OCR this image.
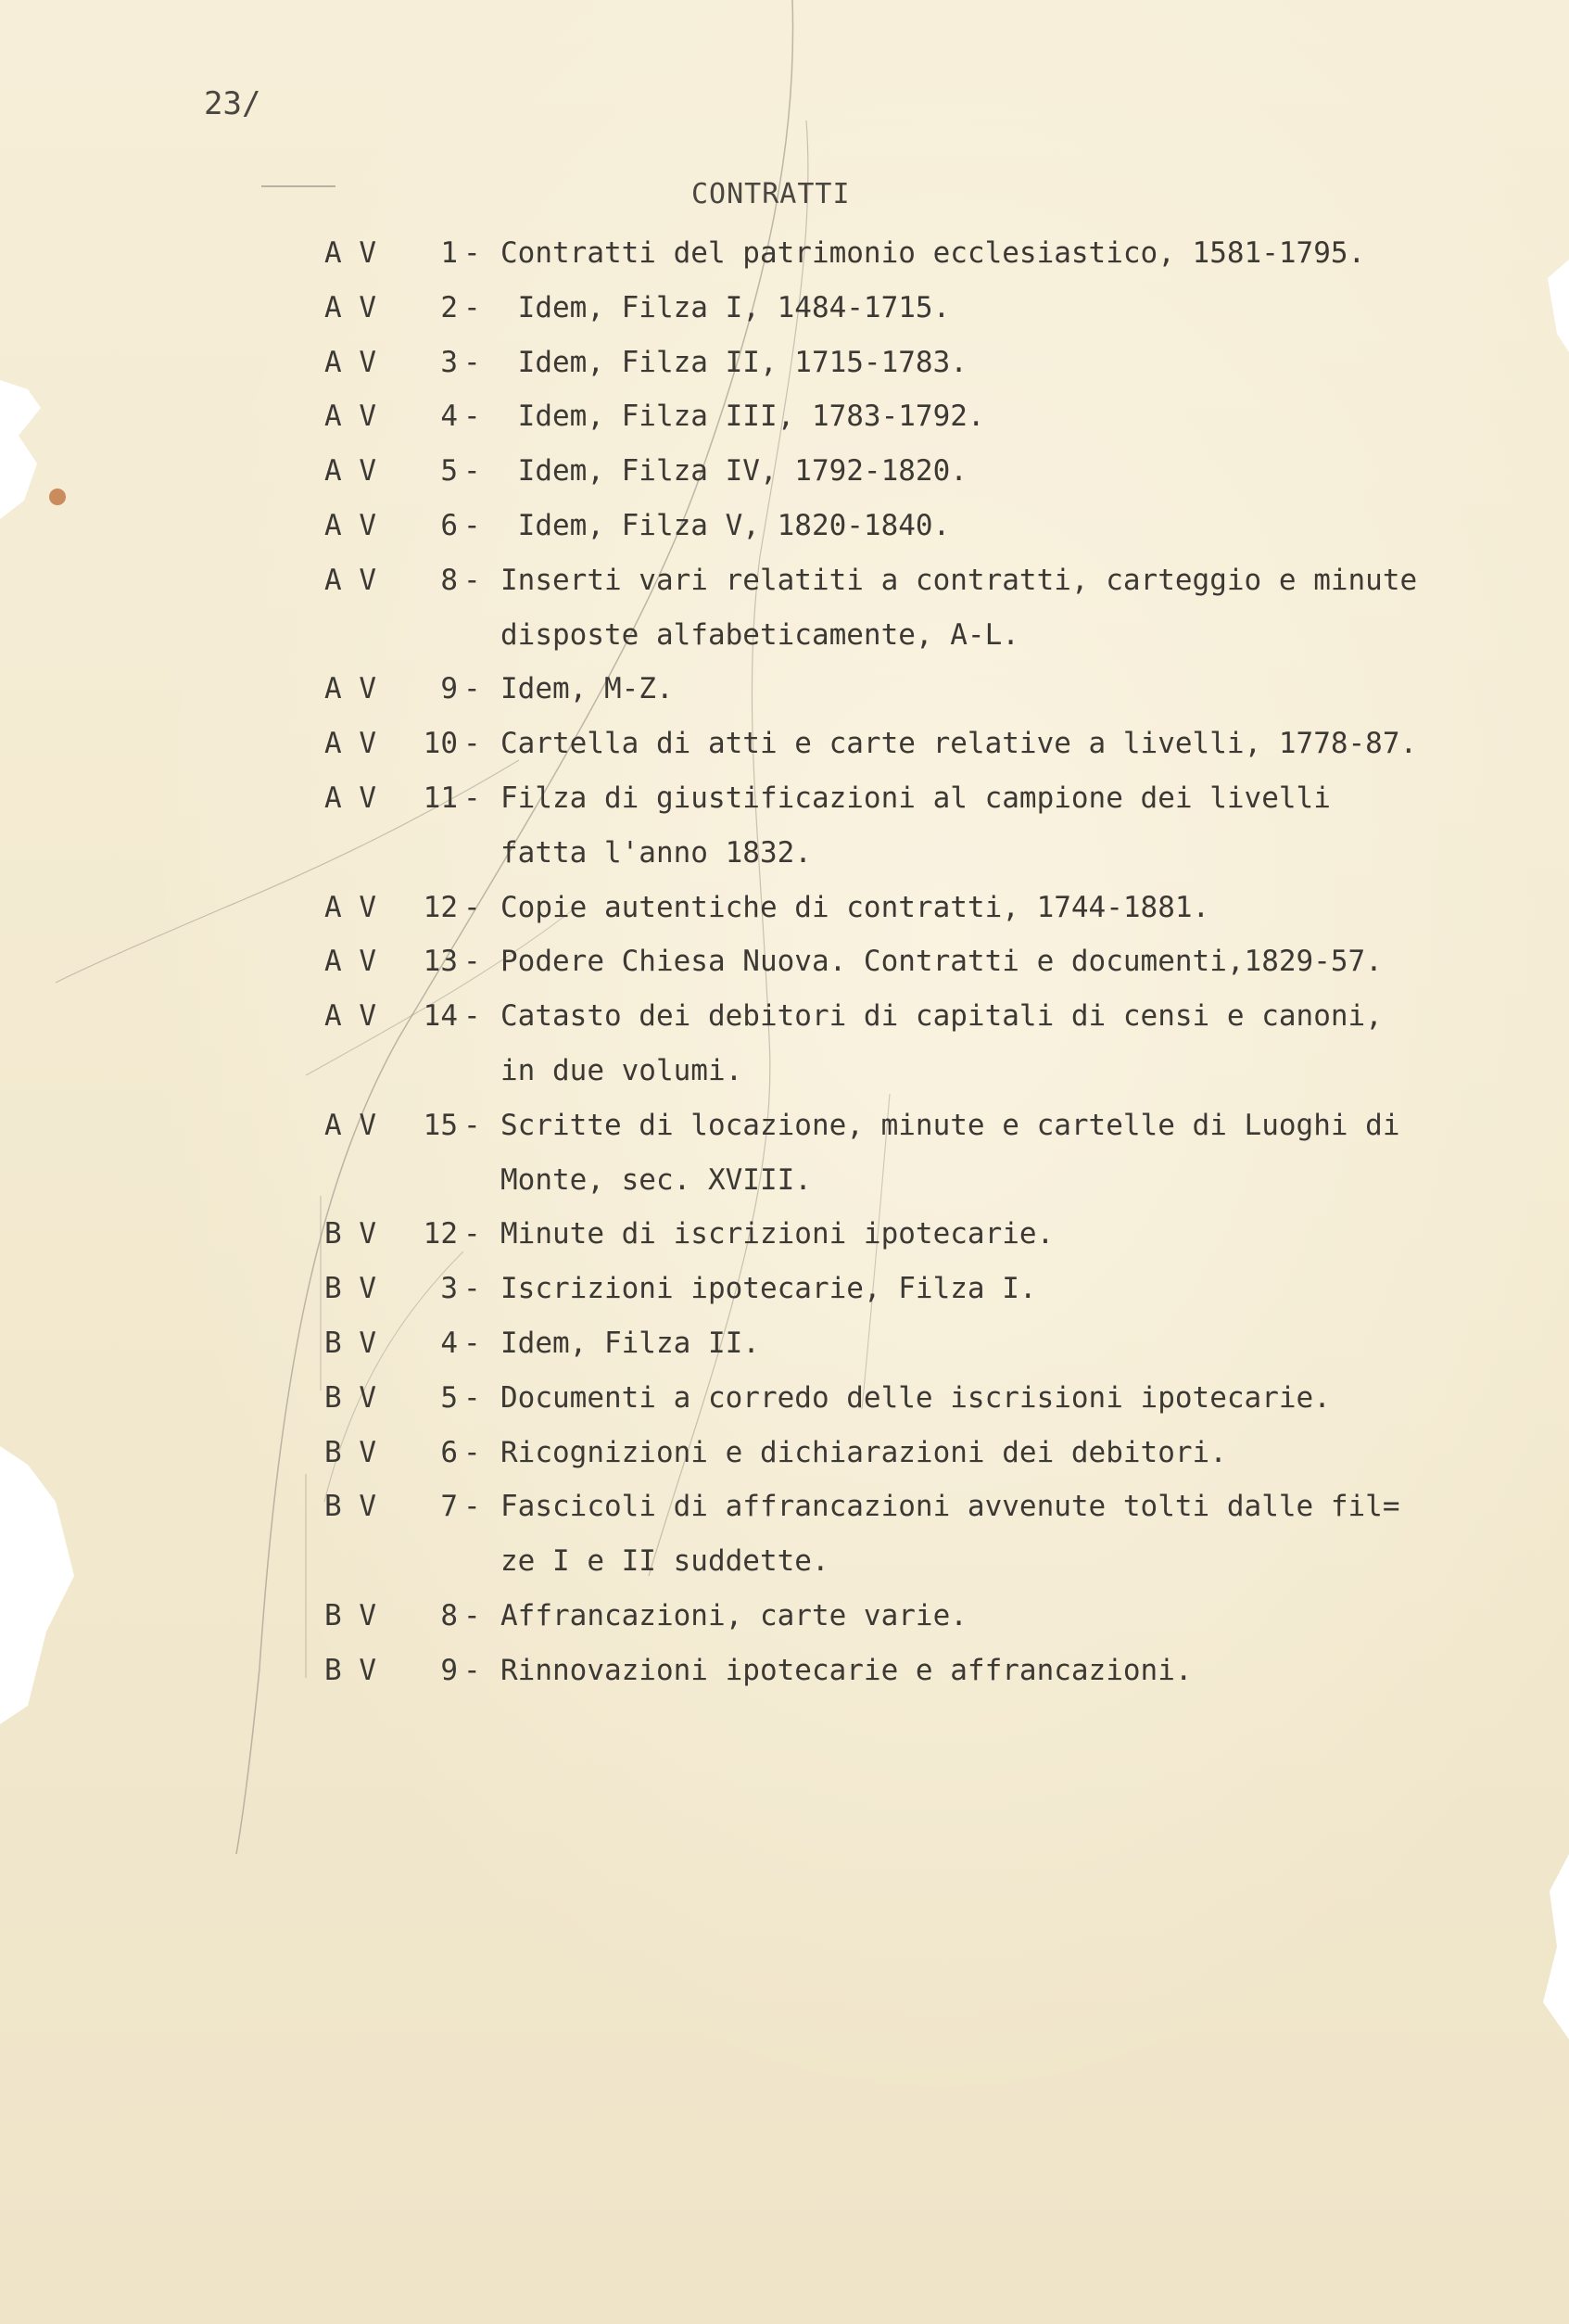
23/
CONTRATTI
A V	1 - Contratti del patrimonio ecclesiastico, 1581-1795.
A V	2 - Idem, Filza I, 1484-1715.
A V	3 - Idem, Filza II, 1715-1783.
A V	4 - Idem, Filza III, 1783-1792.
A V	5 - Idem, Filza IV, 1792-1820.
A V	6 - Idem, Filza V, 1820-1840.
A V	8 - Inserti vari relatiti a contratti, carteggio e minute
disposte alfabeticamente, A-L.
A V	9 - Idem, M-Z.
A V	10 - Cartella di atti e carte relative a livelli, 1778-87.
A V	11 - Filza di giustificazioni al campione dei livelli
fatta l'anno 1832.
A V	12 - Copie autentiche di contratti, 1744-1881.
A V	13 - Podere Chiesa Nuova. Contratti e documenti,1829-57.
A V	14 - Catasto dei debitori di capitali di censi e canoni,
in due volumi.
A V	15 - Scritte di locazione, minute e cartelle di Luoghi di
Monte, sec. XVIII.
B V	12 - Minute di iscrizioni ipotecarie.
B V	3 - Iscrizioni ipotecarie, Filza I.
B V	4 - Idem, Filza II.
B V	5 - Documenti a corredo delle iscrisioni ipotecarie.
B V	6 - Ricognizioni e dichiarazioni dei debitori.
B V	7 - Fascicoli di affrancazioni avvenute tolti dalle fil=
ze I e II suddette.
B V	8 - Affrancazioni, carte varie.
B V	9 - Rinnovazioni ipotecarie e affrancazioni.
